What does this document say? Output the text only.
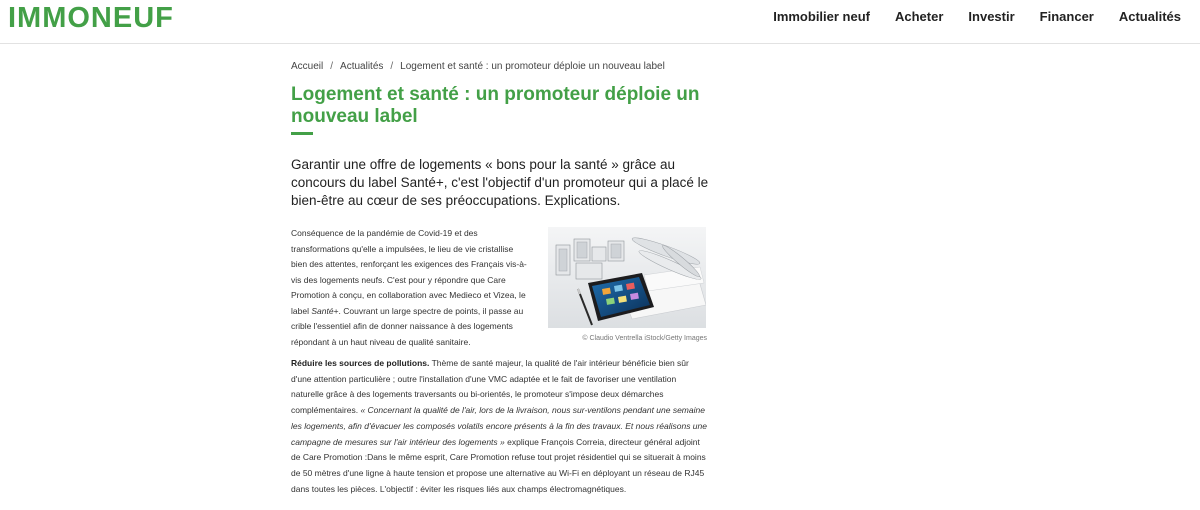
IMMONEUF	Immobilier neuf Acheter Investir Financer Actualités
Accueil / Actualités / Logement et santé : un promoteur déploie un nouveau label
Logement et santé : un promoteur déploie un nouveau label

Garantir une offre de logements « bons pour la santé » grâce au concours du label Santé+, c'est l'objectif d'un promoteur qui a placé le bien-être au cœur de ses préoccupations. Explications.

Conséquence de la pandémie de Covid-19 et des transformations qu'elle a impulsées, le lieu de vie cristallise bien des attentes, renforçant les exigences des Français vis-à-vis des logements neufs. C'est pour y répondre que Care Promotion à conçu, en collaboration avec Medieco et Vizea, le label Santé+. Couvrant un large spectre de points, il passe au crible l'essentiel afin de donner naissance à des logements répondant à un haut niveau de qualité sanitaire.	© Claudio Ventrella iStock/Getty Images

Réduire les sources de pollutions. Thème de santé majeur, la qualité de l'air intérieur bénéficie bien sûr d'une attention particulière ; outre l'installation d'une VMC adaptée et le fait de favoriser une ventilation naturelle grâce à des logements traversants ou bi-orientés, le promoteur s'impose deux démarches complémentaires. « Concernant la qualité de l'air, lors de la livraison, nous sur-ventilons pendant une semaine les logements, afin d'évacuer les composés volatils encore présents à la fin des travaux. Et nous réalisons une campagne de mesures sur l'air intérieur des logements » explique François Correia, directeur général adjoint de Care Promotion :Dans le même esprit, Care Promotion refuse tout projet résidentiel qui se situerait à moins de 50 mètres d'une ligne à haute tension et propose une alternative au Wi-Fi en déployant un réseau de RJ45 dans toutes les pièces. L'objectif : éviter les risques liés aux champs électromagnétiques.
